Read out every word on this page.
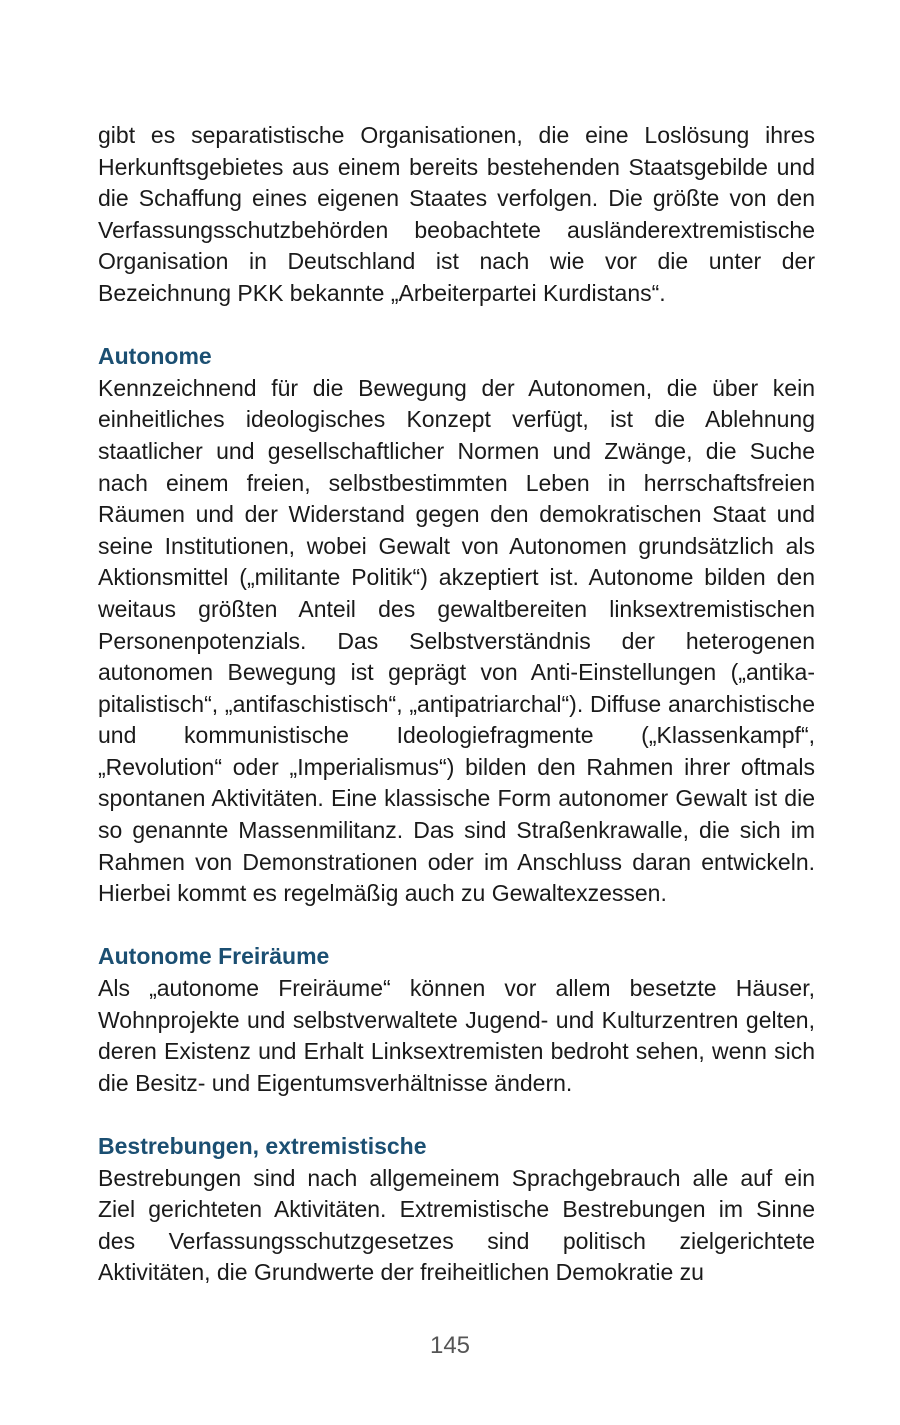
gibt es separatistische Organisationen, die eine Loslösung ihres Herkunftsgebietes aus einem bereits bestehenden Staatsgebilde und die Schaffung eines eigenen Staates verfolgen. Die größte von den Verfassungsschutzbehörden beobachtete ausländerextremistische Organisation in Deutschland ist nach wie vor die unter der Bezeichnung PKK bekannte „Arbeiterpartei Kurdistans“.

Autonome

Kennzeichnend für die Bewegung der Autonomen, die über kein einheitliches ideologisches Konzept verfügt, ist die Ablehnung staatlicher und gesellschaftlicher Normen und Zwänge, die Suche nach einem freien, selbstbestimmten Leben in herrschaftsfreien Räumen und der Widerstand gegen den demokratischen Staat und seine Institutionen, wobei Gewalt von Autonomen grundsätzlich als Aktionsmittel („militante Politik“) akzeptiert ist. Autonome bilden den weitaus größten Anteil des gewaltbereiten linksextremistischen Personenpotenzials. Das Selbstverständnis der heterogenen autonomen Bewegung ist geprägt von Anti-Einstellungen („antikapitalistisch“, „antifaschistisch“, „antipatriarchal“). Diffuse anarchistische und kommunistische Ideologiefragmente („Klassenkampf“, „Revolution“ oder „Imperialismus“) bilden den Rahmen ihrer oftmals spontanen Aktivitäten. Eine klassische Form autonomer Gewalt ist die so genannte Massenmilitanz. Das sind Straßenkrawalle, die sich im Rahmen von Demonstrationen oder im Anschluss daran entwickeln. Hierbei kommt es regelmäßig auch zu Gewaltexzessen.

Autonome Freiräume

Als „autonome Freiräume“ können vor allem besetzte Häuser, Wohnprojekte und selbstverwaltete Jugend- und Kulturzentren gelten, deren Existenz und Erhalt Linksextremisten bedroht sehen, wenn sich die Besitz- und Eigentumsverhältnisse ändern.

Bestrebungen, extremistische

Bestrebungen sind nach allgemeinem Sprachgebrauch alle auf ein Ziel gerichteten Aktivitäten. Extremistische Bestrebungen im Sinne des Verfassungsschutzgesetzes sind politisch zielgerichtete Aktivitäten, die Grundwerte der freiheitlichen Demokratie zu

145
